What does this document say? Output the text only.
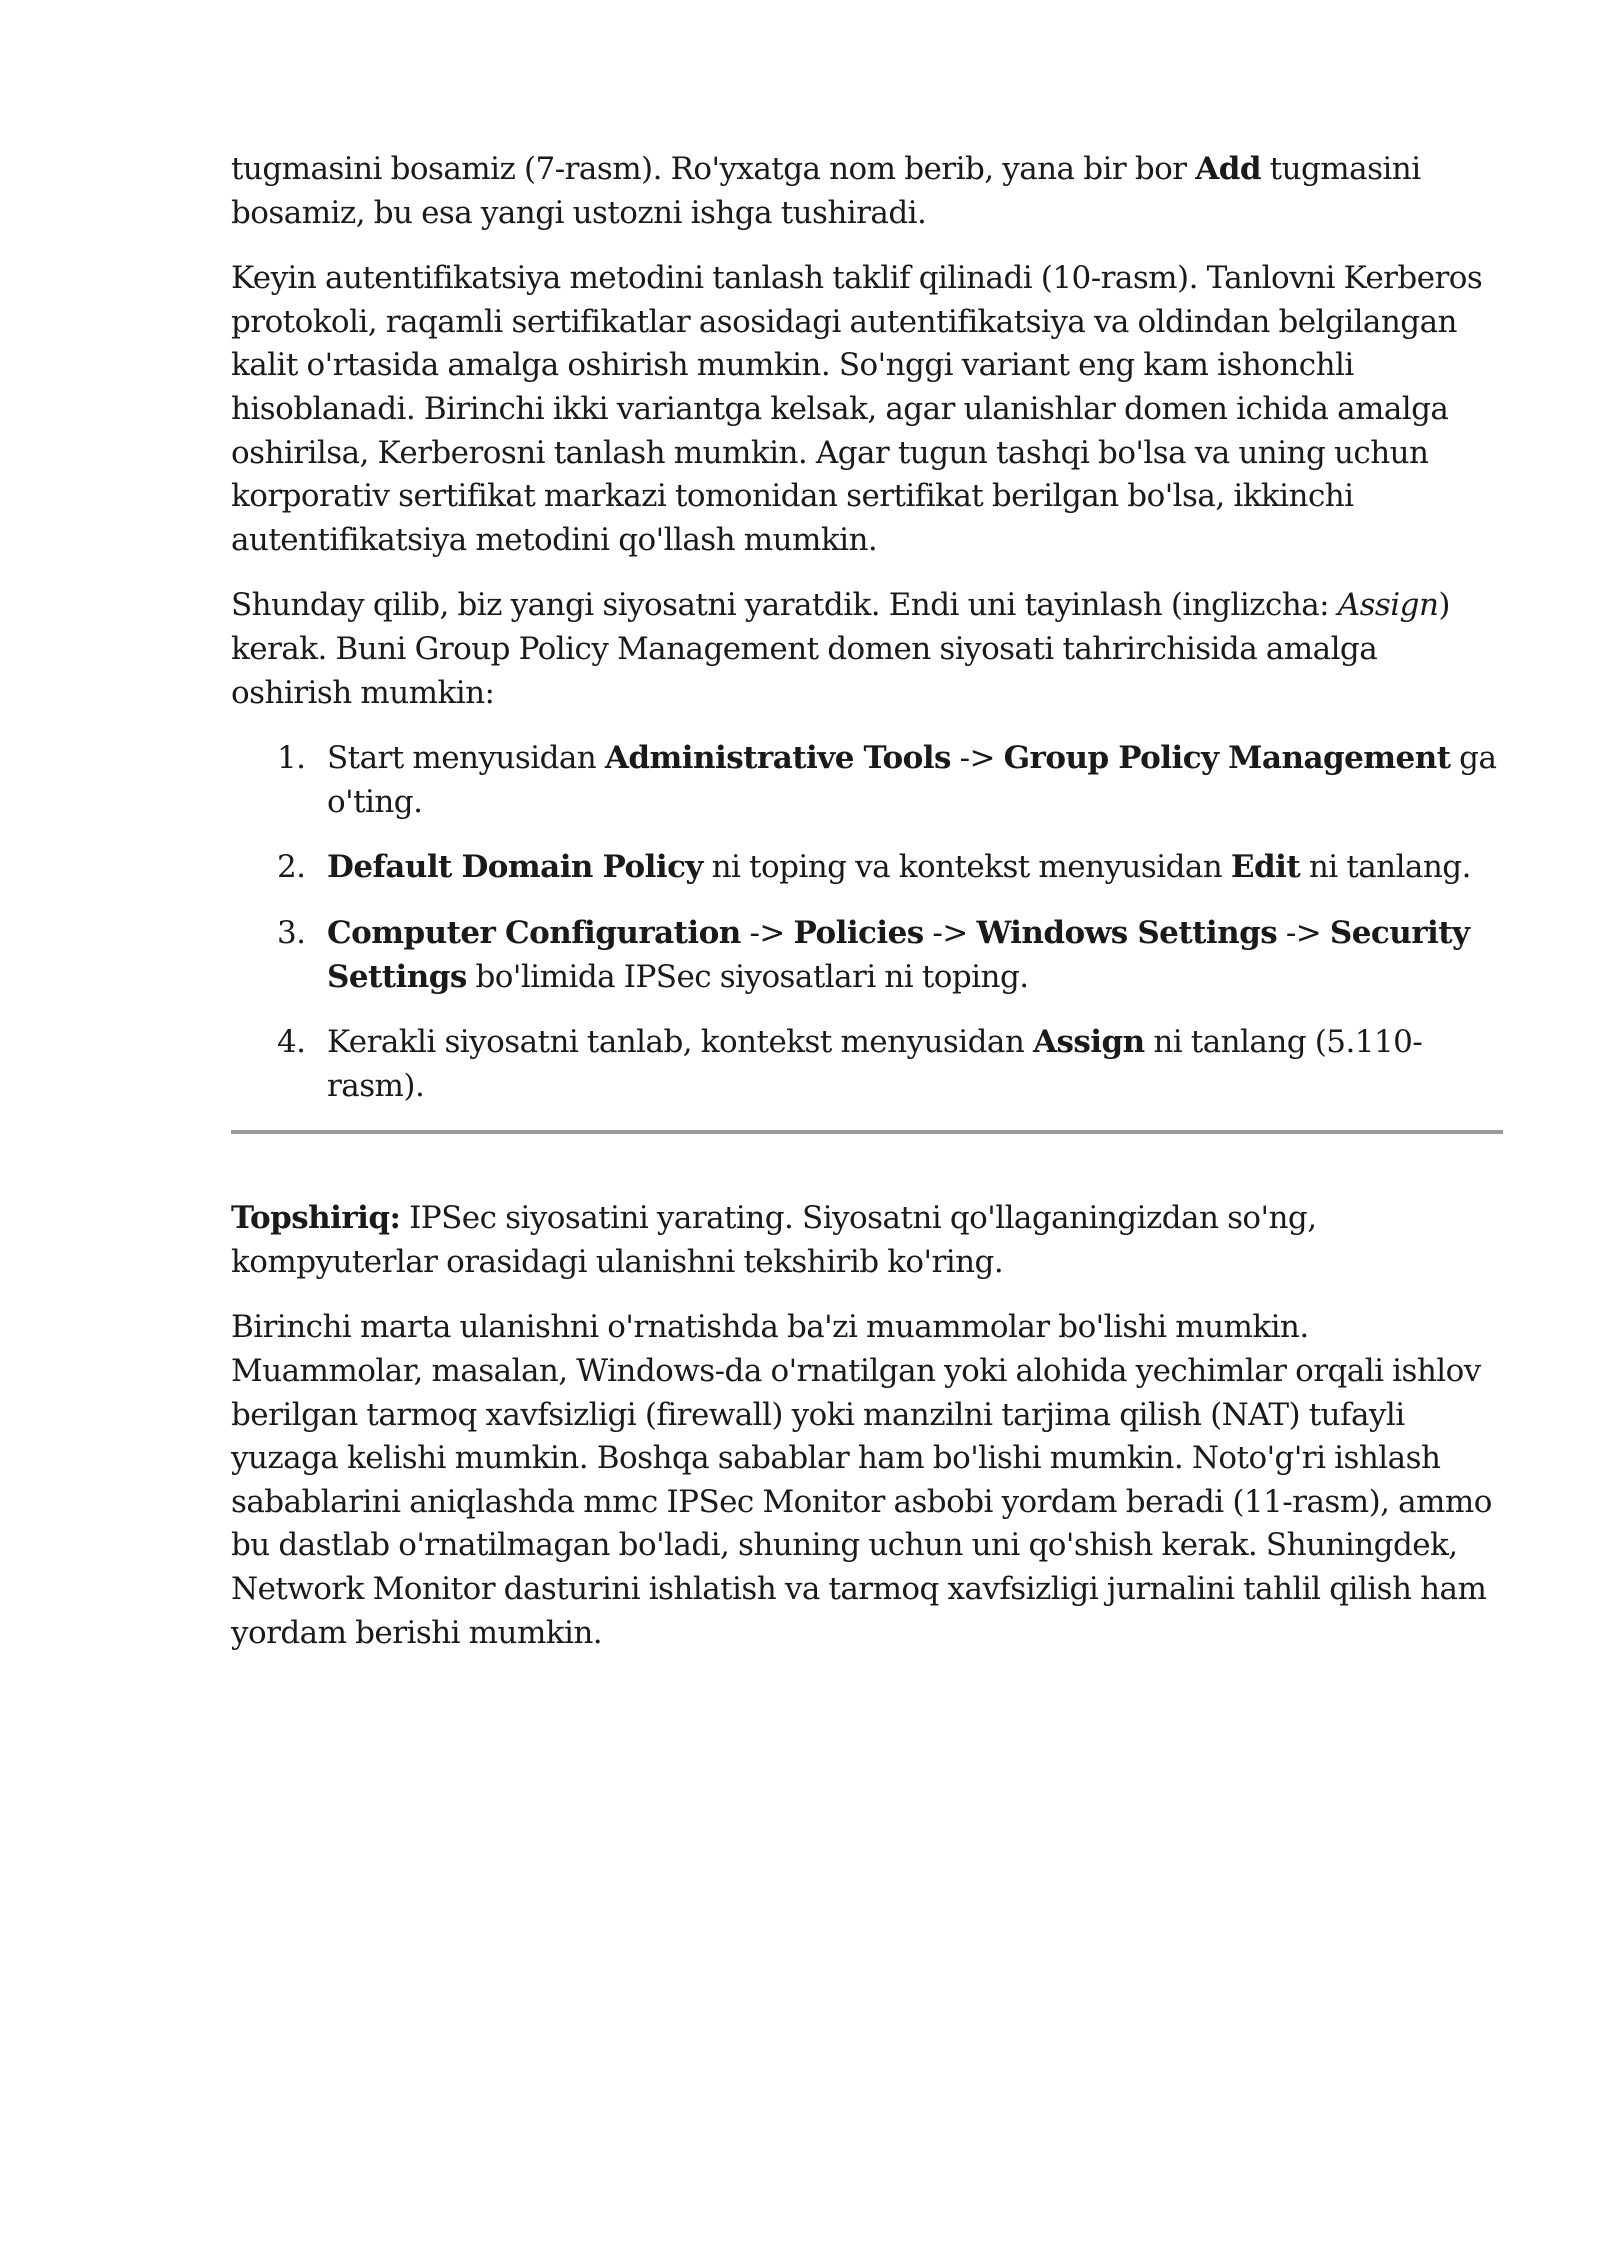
tugmasini bosamiz (7-rasm). Ro'yxatga nom berib, yana bir bor Add tugmasini bosamiz, bu esa yangi ustozni ishga tushiradi.

Keyin autentifikatsiya metodini tanlash taklif qilinadi (10-rasm). Tanlovni Kerberos protokoli, raqamli sertifikatlar asosidagi autentifikatsiya va oldindan belgilangan kalit o'rtasida amalga oshirish mumkin. So'nggi variant eng kam ishonchli hisoblanadi. Birinchi ikki variantga kelsak, agar ulanishlar domen ichida amalga oshirilsa, Kerberosni tanlash mumkin. Agar tugun tashqi bo'lsa va uning uchun korporativ sertifikat markazi tomonidan sertifikat berilgan bo'lsa, ikkinchi autentifikatsiya metodini qo'llash mumkin.

Shunday qilib, biz yangi siyosatni yaratdik. Endi uni tayinlash (inglizcha: Assign) kerak. Buni Group Policy Management domen siyosati tahrirchisida amalga oshirish mumkin:

1. Start menyusidan Administrative Tools -> Group Policy Management ga o'ting.
2. Default Domain Policy ni toping va kontekst menyusidan Edit ni tanlang.
3. Computer Configuration -> Policies -> Windows Settings -> Security Settings bo'limida IPSec siyosatlari ni toping.
4. Kerakli siyosatni tanlab, kontekst menyusidan Assign ni tanlang (5.110-rasm).

Topshiriq: IPSec siyosatini yarating. Siyosatni qo'llaganingizdan so'ng, kompyuterlar orasidagi ulanishni tekshirib ko'ring.

Birinchi marta ulanishni o'rnatishda ba'zi muammolar bo'lishi mumkin. Muammolar, masalan, Windows-da o'rnatilgan yoki alohida yechimlar orqali ishlov berilgan tarmoq xavfsizligi (firewall) yoki manzilni tarjima qilish (NAT) tufayli yuzaga kelishi mumkin. Boshqa sabablar ham bo'lishi mumkin. Noto'g'ri ishlash sabablarini aniqlashda mmc IPSec Monitor asbobi yordam beradi (11-rasm), ammo bu dastlab o'rnatilmagan bo'ladi, shuning uchun uni qo'shish kerak. Shuningdek, Network Monitor dasturini ishlatish va tarmoq xavfsizligi jurnalini tahlil qilish ham yordam berishi mumkin.
